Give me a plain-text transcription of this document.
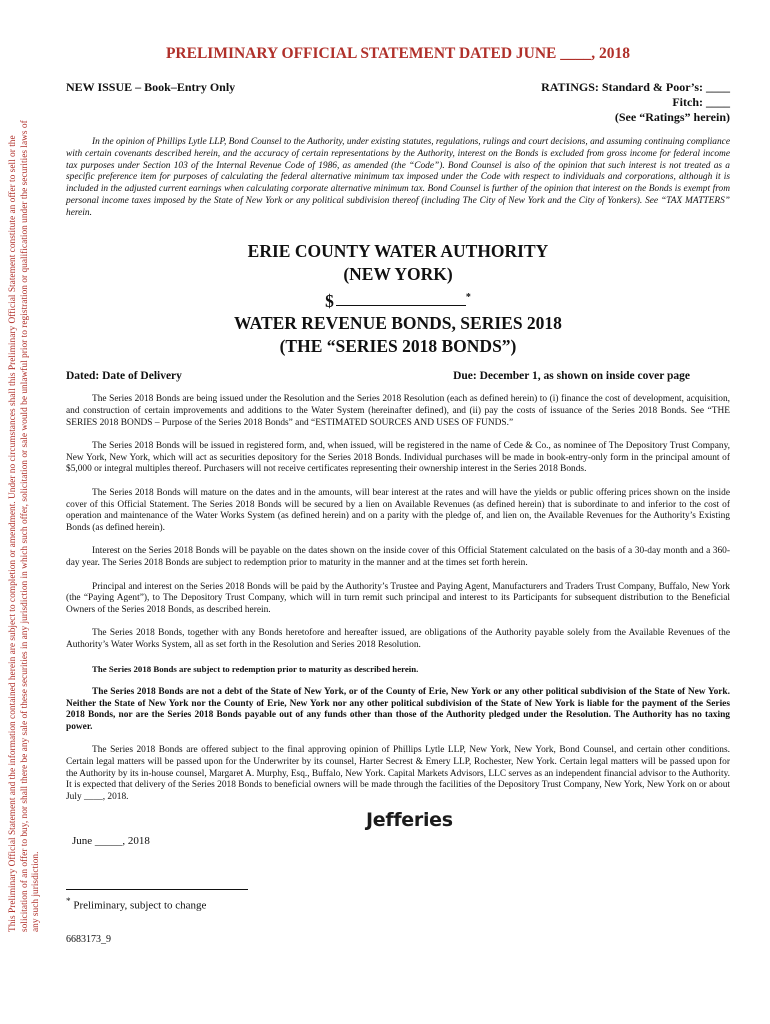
This Preliminary Official Statement and the information contained herein are subject to completion or amendment. Under no circumstances shall this Preliminary Official Statement constitute an offer to sell or the solicitation of an offer to buy, nor shall there be any sale of these securities in any jurisdiction in which such offer, solicitation or sale would be unlawful prior to registration or qualification under the securities laws of any such jurisdiction.
PRELIMINARY OFFICIAL STATEMENT DATED JUNE ____, 2018
NEW ISSUE – Book–Entry Only	RATINGS: Standard & Poor’s: ____
Fitch: ____
(See “Ratings” herein)

In the opinion of Phillips Lytle LLP, Bond Counsel to the Authority, under existing statutes, regulations, rulings and court decisions, and assuming continuing compliance with certain covenants described herein, and the accuracy of certain representations by the Authority, interest on the Bonds is excluded from gross income for federal income tax purposes under Section 103 of the Internal Revenue Code of 1986, as amended (the “Code”). Bond Counsel is also of the opinion that such interest is not treated as a specific preference item for purposes of calculating the federal alternative minimum tax imposed under the Code with respect to individuals and corporations, although it is included in the adjusted current earnings when calculating corporate alternative minimum tax. Bond Counsel is further of the opinion that interest on the Bonds is exempt from personal income taxes imposed by the State of New York or any political subdivision thereof (including The City of New York and the City of Yonkers). See “TAX MATTERS” herein.

ERIE COUNTY WATER AUTHORITY
(NEW YORK)
$	*
WATER REVENUE BONDS, SERIES 2018
(THE “SERIES 2018 BONDS”)
Dated: Date of Delivery	Due: December 1, as shown on inside cover page

The Series 2018 Bonds are being issued under the Resolution and the Series 2018 Resolution (each as defined herein) to (i) finance the cost of development, acquisition, and construction of certain improvements and additions to the Water System (hereinafter defined), and (ii) pay the costs of issuance of the Series 2018 Bonds. See “THE SERIES 2018 BONDS – Purpose of the Series 2018 Bonds” and “ESTIMATED SOURCES AND USES OF FUNDS.”

The Series 2018 Bonds will be issued in registered form, and, when issued, will be registered in the name of Cede & Co., as nominee of The Depository Trust Company, New York, New York, which will act as securities depository for the Series 2018 Bonds. Individual purchases will be made in book-entry-only form in the principal amount of $5,000 or integral multiples thereof. Purchasers will not receive certificates representing their ownership interest in the Series 2018 Bonds.

The Series 2018 Bonds will mature on the dates and in the amounts, will bear interest at the rates and will have the yields or public offering prices shown on the inside cover of this Official Statement. The Series 2018 Bonds will be secured by a lien on Available Revenues (as defined herein) that is subordinate to and inferior to the cost of operation and maintenance of the Water Works System (as defined herein) and on a parity with the pledge of, and lien on, the Available Revenues for the Authority’s Existing Bonds (as defined herein).

Interest on the Series 2018 Bonds will be payable on the dates shown on the inside cover of this Official Statement calculated on the basis of a 30-day month and a 360-day year. The Series 2018 Bonds are subject to redemption prior to maturity in the manner and at the times set forth herein.

Principal and interest on the Series 2018 Bonds will be paid by the Authority’s Trustee and Paying Agent, Manufacturers and Traders Trust Company, Buffalo, New York (the “Paying Agent”), to The Depository Trust Company, which will in turn remit such principal and interest to its Participants for subsequent distribution to the Beneficial Owners of the Series 2018 Bonds, as described herein.

The Series 2018 Bonds, together with any Bonds heretofore and hereafter issued, are obligations of the Authority payable solely from the Available Revenues of the Authority’s Water Works System, all as set forth in the Resolution and Series 2018 Resolution.

The Series 2018 Bonds are subject to redemption prior to maturity as described herein.

The Series 2018 Bonds are not a debt of the State of New York, or of the County of Erie, New York or any other political subdivision of the State of New York. Neither the State of New York nor the County of Erie, New York nor any other political subdivision of the State of New York is liable for the payment of the Series 2018 Bonds, nor are the Series 2018 Bonds payable out of any funds other than those of the Authority pledged under the Resolution. The Authority has no taxing power.

The Series 2018 Bonds are offered subject to the final approving opinion of Phillips Lytle LLP, New York, New York, Bond Counsel, and certain other conditions. Certain legal matters will be passed upon for the Underwriter by its counsel, Harter Secrest & Emery LLP, Rochester, New York. Certain legal matters will be passed upon for the Authority by its in-house counsel, Margaret A. Murphy, Esq., Buffalo, New York. Capital Markets Advisors, LLC serves as an independent financial advisor to the Authority. It is expected that delivery of the Series 2018 Bonds to beneficial owners will be made through the facilities of the Depository Trust Company, New York, New York on or about July ____, 2018.

Jefferies
June _____, 2018
* Preliminary, subject to change
6683173_9
